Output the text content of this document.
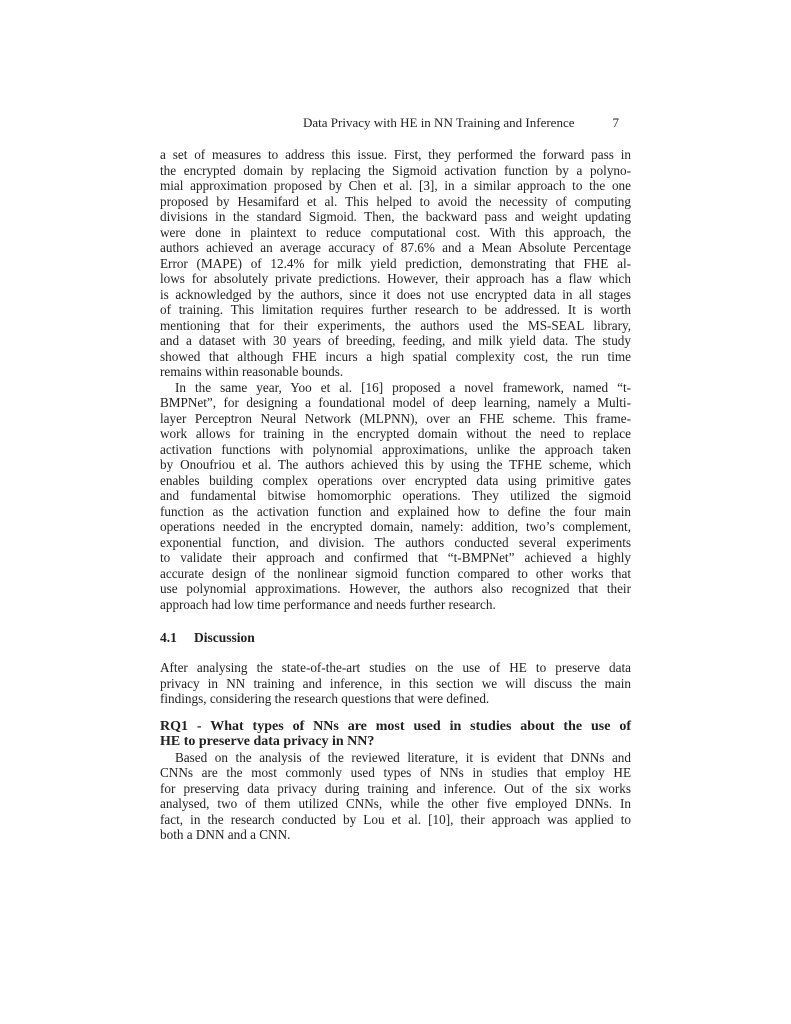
Data Privacy with HE in NN Training and Inference	7
a set of measures to address this issue. First, they performed the forward pass in
the encrypted domain by replacing the Sigmoid activation function by a polyno-
mial approximation proposed by Chen et al. [3], in a similar approach to the one
proposed by Hesamifard et al. This helped to avoid the necessity of computing
divisions in the standard Sigmoid. Then, the backward pass and weight updating
were done in plaintext to reduce computational cost. With this approach, the
authors achieved an average accuracy of 87.6% and a Mean Absolute Percentage
Error (MAPE) of 12.4% for milk yield prediction, demonstrating that FHE al-
lows for absolutely private predictions. However, their approach has a flaw which
is acknowledged by the authors, since it does not use encrypted data in all stages
of training. This limitation requires further research to be addressed. It is worth
mentioning that for their experiments, the authors used the MS-SEAL library,
and a dataset with 30 years of breeding, feeding, and milk yield data. The study
showed that although FHE incurs a high spatial complexity cost, the run time
remains within reasonable bounds.
In the same year, Yoo et al. [16] proposed a novel framework, named “t-
BMPNet”, for designing a foundational model of deep learning, namely a Multi-
layer Perceptron Neural Network (MLPNN), over an FHE scheme. This frame-
work allows for training in the encrypted domain without the need to replace
activation functions with polynomial approximations, unlike the approach taken
by Onoufriou et al. The authors achieved this by using the TFHE scheme, which
enables building complex operations over encrypted data using primitive gates
and fundamental bitwise homomorphic operations. They utilized the sigmoid
function as the activation function and explained how to define the four main
operations needed in the encrypted domain, namely: addition, two’s complement,
exponential function, and division. The authors conducted several experiments
to validate their approach and confirmed that “t-BMPNet” achieved a highly
accurate design of the nonlinear sigmoid function compared to other works that
use polynomial approximations. However, the authors also recognized that their
approach had low time performance and needs further research.
4.1 Discussion
After analysing the state-of-the-art studies on the use of HE to preserve data
privacy in NN training and inference, in this section we will discuss the main
findings, considering the research questions that were defined.
RQ1 - What types of NNs are most used in studies about the use of
HE to preserve data privacy in NN?
Based on the analysis of the reviewed literature, it is evident that DNNs and
CNNs are the most commonly used types of NNs in studies that employ HE
for preserving data privacy during training and inference. Out of the six works
analysed, two of them utilized CNNs, while the other five employed DNNs. In
fact, in the research conducted by Lou et al. [10], their approach was applied to
both a DNN and a CNN.
